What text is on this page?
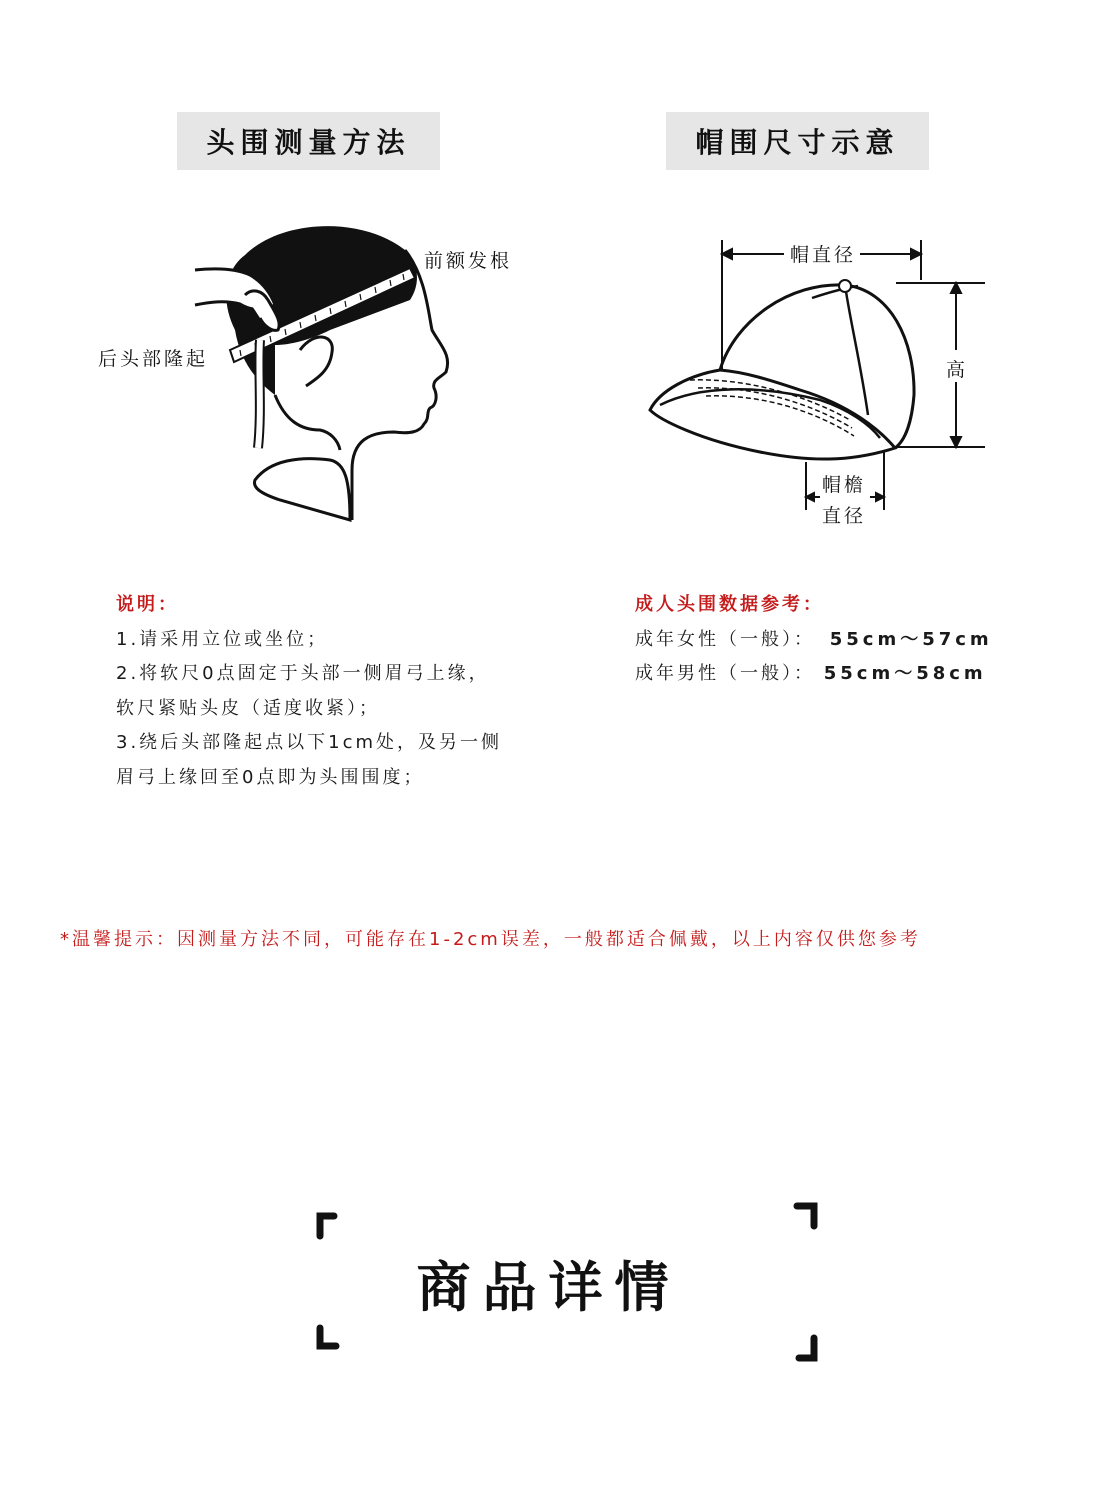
头围测量方法
前额发根
后头部隆起
帽围尺寸示意
帽直径
高
帽檐
直径
说明：
1.请采用立位或坐位；
2.将软尺0点固定于头部一侧眉弓上缘，
软尺紧贴头皮（适度收紧）；
3.绕后头部隆起点以下1cm处，及另一侧
眉弓上缘回至0点即为头围围度；
成人头围数据参考：
成年女性（一般）： 55cm～57cm
成年男性（一般）： 55cm～58cm
*温馨提示：因测量方法不同，可能存在1-2cm误差，一般都适合佩戴，以上内容仅供您参考
商品详情
